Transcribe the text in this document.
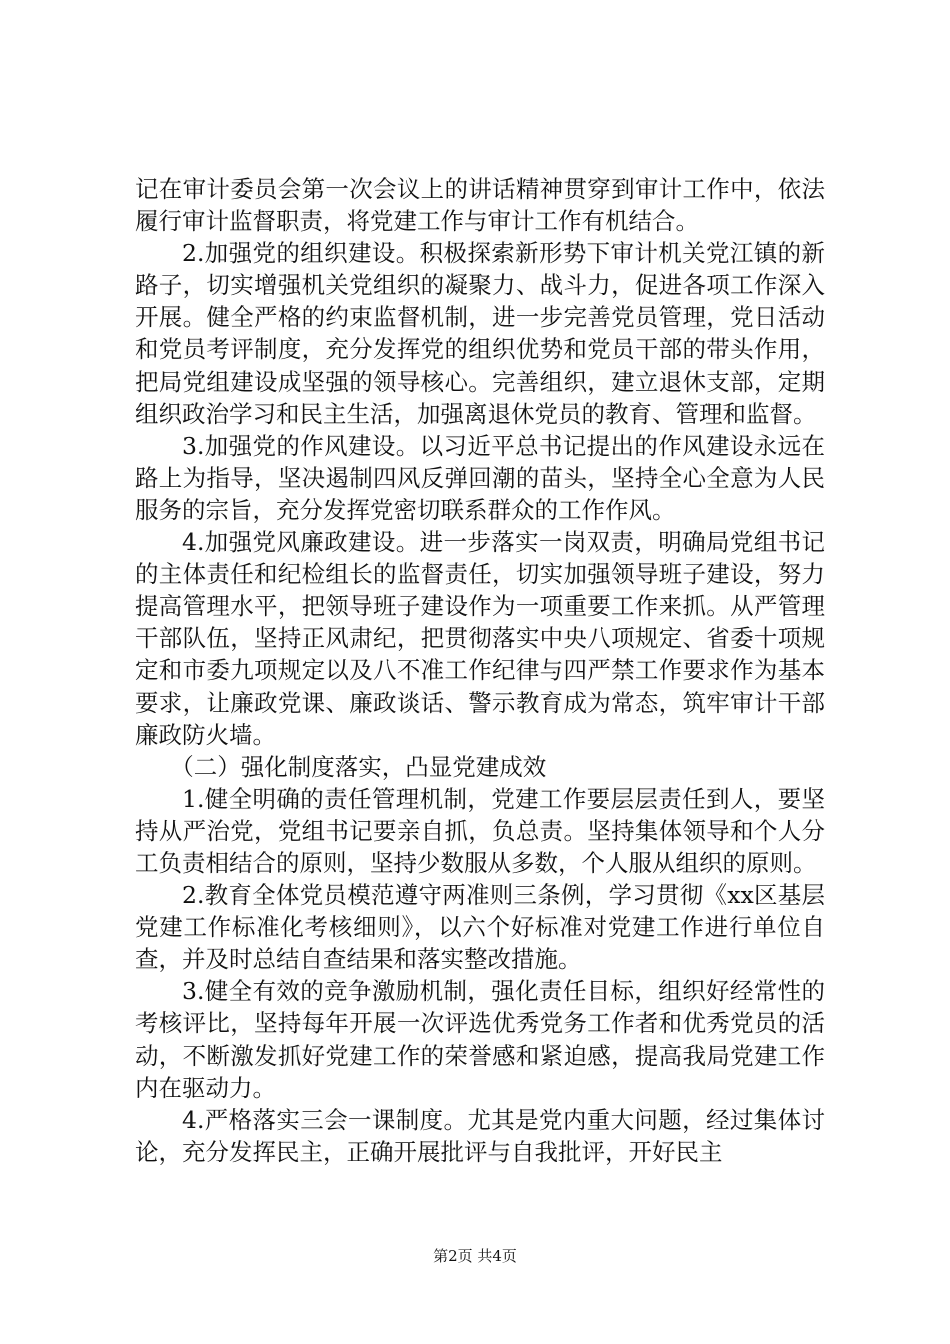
记在审计委员会第一次会议上的讲话精神贯穿到审计工作中，依法履行审计监督职责，将党建工作与审计工作有机结合。

2.加强党的组织建设。积极探索新形势下审计机关党江镇的新路子，切实增强机关党组织的凝聚力、战斗力，促进各项工作深入开展。健全严格的约束监督机制，进一步完善党员管理，党日活动和党员考评制度，充分发挥党的组织优势和党员干部的带头作用，把局党组建设成坚强的领导核心。完善组织，建立退休支部，定期组织政治学习和民主生活，加强离退休党员的教育、管理和监督。

3.加强党的作风建设。以习近平总书记提出的作风建设永远在路上为指导，坚决遏制四风反弹回潮的苗头，坚持全心全意为人民服务的宗旨，充分发挥党密切联系群众的工作作风。

4.加强党风廉政建设。进一步落实一岗双责，明确局党组书记的主体责任和纪检组长的监督责任，切实加强领导班子建设，努力提高管理水平，把领导班子建设作为一项重要工作来抓。从严管理干部队伍，坚持正风肃纪，把贯彻落实中央八项规定、省委十项规定和市委九项规定以及八不准工作纪律与四严禁工作要求作为基本要求，让廉政党课、廉政谈话、警示教育成为常态，筑牢审计干部廉政防火墙。

（二）强化制度落实，凸显党建成效

1.健全明确的责任管理机制，党建工作要层层责任到人，要坚持从严治党，党组书记要亲自抓，负总责。坚持集体领导和个人分工负责相结合的原则，坚持少数服从多数，个人服从组织的原则。

2.教育全体党员模范遵守两准则三条例，学习贯彻《xx区基层党建工作标准化考核细则》，以六个好标准对党建工作进行单位自查，并及时总结自查结果和落实整改措施。

3.健全有效的竞争激励机制，强化责任目标，组织好经常性的考核评比，坚持每年开展一次评选优秀党务工作者和优秀党员的活动，不断激发抓好党建工作的荣誉感和紧迫感，提高我局党建工作内在驱动力。

4.严格落实三会一课制度。尤其是党内重大问题，经过集体讨论，充分发挥民主，正确开展批评与自我批评，开好民主

第2页 共4页
